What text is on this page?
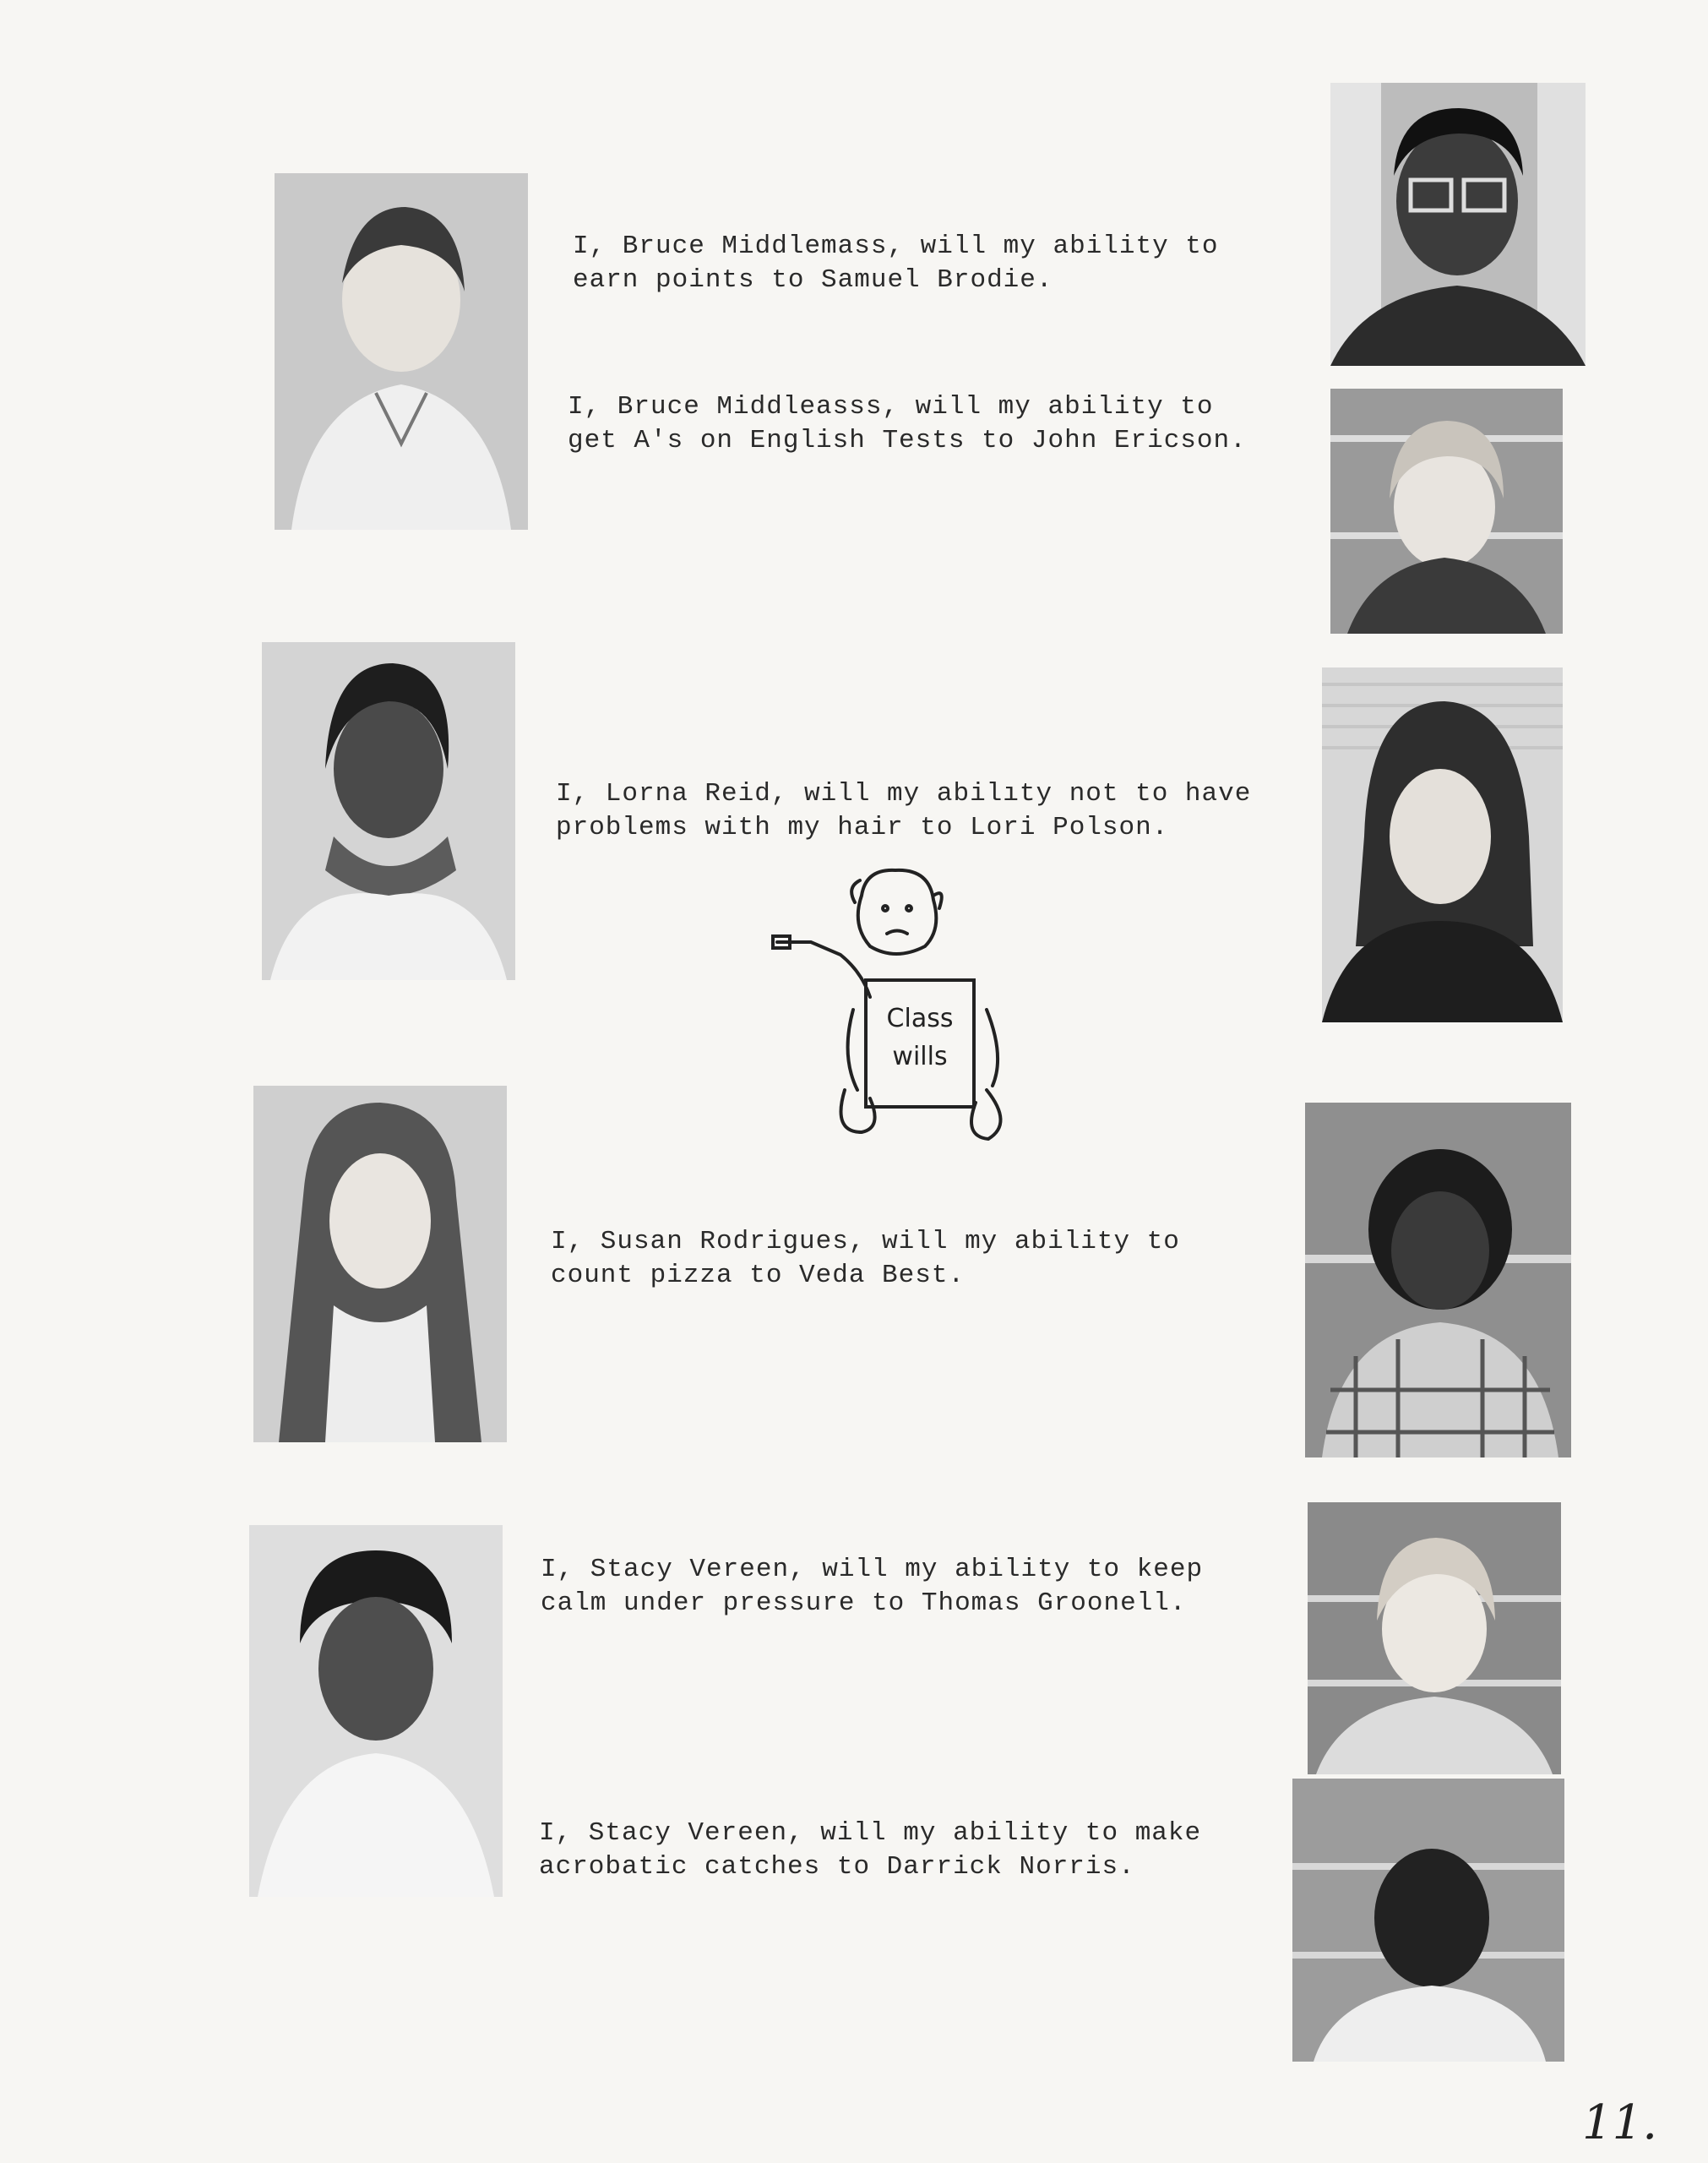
I, Bruce Middlemass, will my ability to
earn points to Samuel Brodie.

I, Bruce Middleasss, will my ability to
get A's on English Tests to John Ericson.

I, Lorna Reid, will my abilıty not to have
problems with my hair to Lori Polson.

I, Susan Rodrigues, will my ability to
count pizza to Veda Best.

I, Stacy Vereen, will my ability to keep
calm under pressure to Thomas Groonell.

I, Stacy Vereen, will my ability to make
acrobatic catches to Darrick Norris.

Class
wills
11.
